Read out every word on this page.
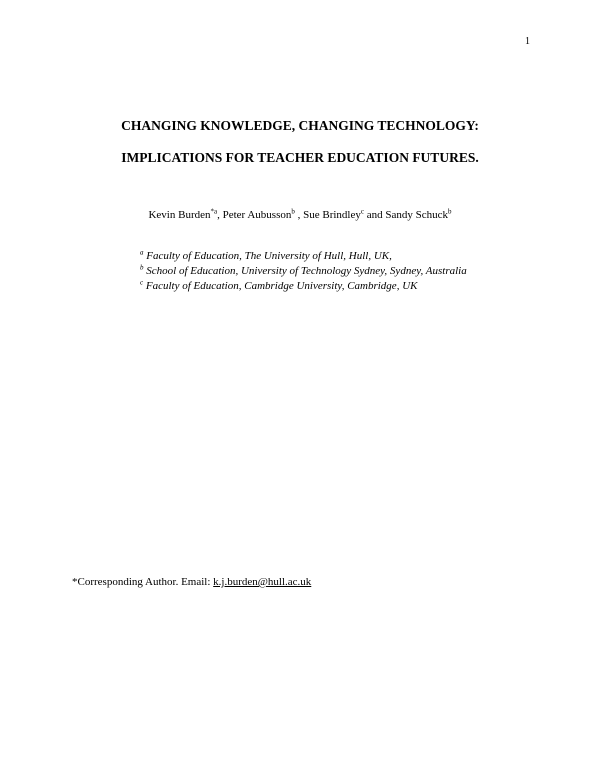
1
CHANGING KNOWLEDGE, CHANGING TECHNOLOGY:
IMPLICATIONS FOR TEACHER EDUCATION FUTURES.
Kevin Burden$^{*a}$, Peter Aubusson$^b$ , Sue Brindley$^c$ and Sandy Schuck$^b$
$^a$ Faculty of Education, The University of Hull, Hull, UK,
$^b$ School of Education, University of Technology Sydney, Sydney, Australia
$^c$ Faculty of Education, Cambridge University, Cambridge, UK
*Corresponding Author. Email: k.j.burden@hull.ac.uk
